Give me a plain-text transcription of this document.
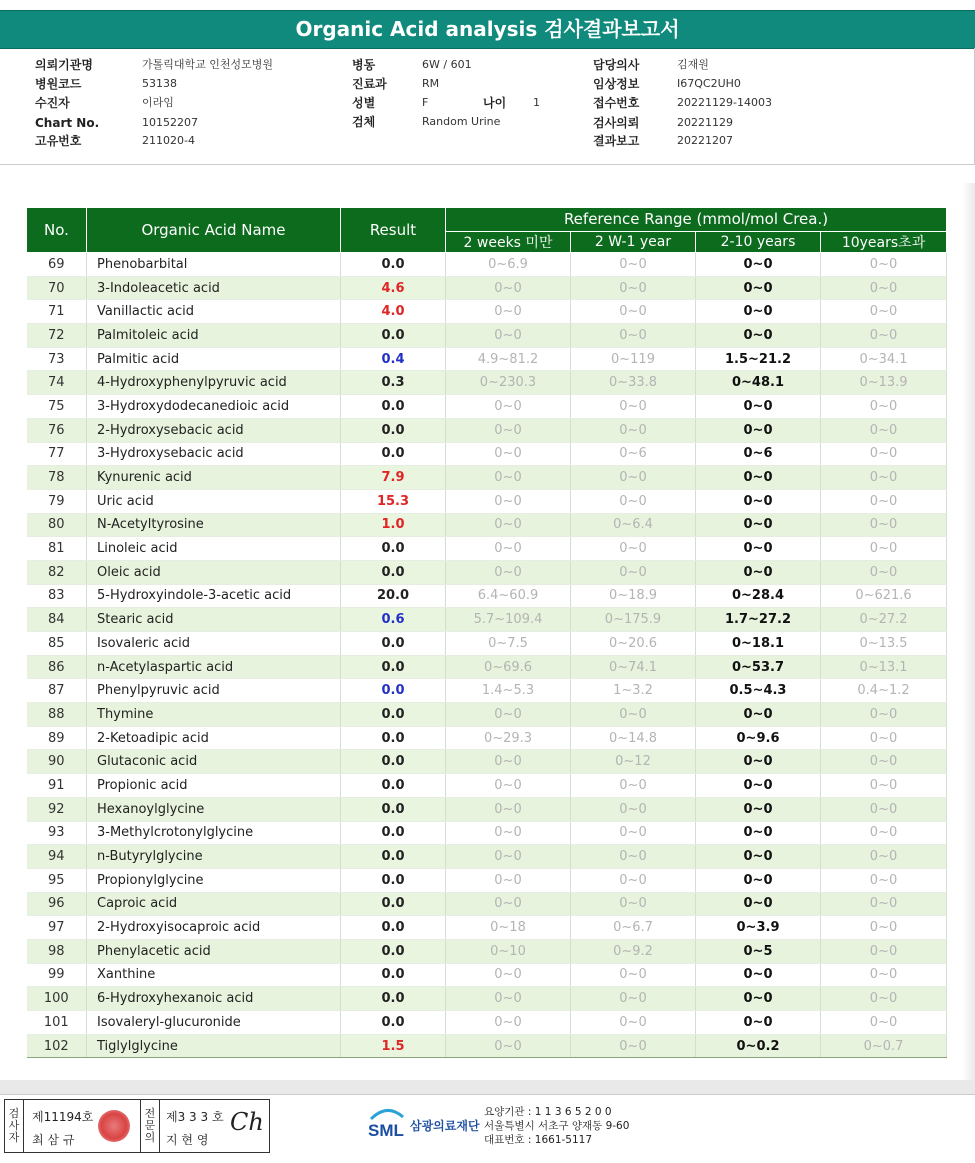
Organic Acid analysis 검사결과보고서
의뢰기관명	가톨릭대학교 인천성모병원
병원코드	53138
수진자	이라임
Chart No.	10152207
고유번호	211020-4
병동	6W / 601
진료과	RM
성별	F	나이 1
검체	Random Urine
담당의사	김재원
임상정보	I67QC2UH0
접수번호	20221129-14003
검사의뢰	20221129
결과보고	20221207
No.	Organic Acid Name	Result	Reference Range (mmol/mol Crea.)			
			2 weeks 미만	2 W-1 year	2-10 years	10years초과
69	Phenobarbital	0.0	0~6.9	0~0	0~0	0~0
70	3-Indoleacetic acid	4.6	0~0	0~0	0~0	0~0
71	Vanillactic acid	4.0	0~0	0~0	0~0	0~0
72	Palmitoleic acid	0.0	0~0	0~0	0~0	0~0
73	Palmitic acid	0.4	4.9~81.2	0~119	1.5~21.2	0~34.1
74	4-Hydroxyphenylpyruvic acid	0.3	0~230.3	0~33.8	0~48.1	0~13.9
75	3-Hydroxydodecanedioic acid	0.0	0~0	0~0	0~0	0~0
76	2-Hydroxysebacic acid	0.0	0~0	0~0	0~0	0~0
77	3-Hydroxysebacic acid	0.0	0~0	0~6	0~6	0~0
78	Kynurenic acid	7.9	0~0	0~0	0~0	0~0
79	Uric acid	15.3	0~0	0~0	0~0	0~0
80	N-Acetyltyrosine	1.0	0~0	0~6.4	0~0	0~0
81	Linoleic acid	0.0	0~0	0~0	0~0	0~0
82	Oleic acid	0.0	0~0	0~0	0~0	0~0
83	5-Hydroxyindole-3-acetic acid	20.0	6.4~60.9	0~18.9	0~28.4	0~621.6
84	Stearic acid	0.6	5.7~109.4	0~175.9	1.7~27.2	0~27.2
85	Isovaleric acid	0.0	0~7.5	0~20.6	0~18.1	0~13.5
86	n-Acetylaspartic acid	0.0	0~69.6	0~74.1	0~53.7	0~13.1
87	Phenylpyruvic acid	0.0	1.4~5.3	1~3.2	0.5~4.3	0.4~1.2
88	Thymine	0.0	0~0	0~0	0~0	0~0
89	2-Ketoadipic acid	0.0	0~29.3	0~14.8	0~9.6	0~0
90	Glutaconic acid	0.0	0~0	0~12	0~0	0~0
91	Propionic acid	0.0	0~0	0~0	0~0	0~0
92	Hexanoylglycine	0.0	0~0	0~0	0~0	0~0
93	3-Methylcrotonylglycine	0.0	0~0	0~0	0~0	0~0
94	n-Butyrylglycine	0.0	0~0	0~0	0~0	0~0
95	Propionylglycine	0.0	0~0	0~0	0~0	0~0
96	Caproic acid	0.0	0~0	0~0	0~0	0~0
97	2-Hydroxyisocaproic acid	0.0	0~18	0~6.7	0~3.9	0~0
98	Phenylacetic acid	0.0	0~10	0~9.2	0~5	0~0
99	Xanthine	0.0	0~0	0~0	0~0	0~0
100	6-Hydroxyhexanoic acid	0.0	0~0	0~0	0~0	0~0
101	Isovaleryl-glucuronide	0.0	0~0	0~0	0~0	0~0
102	Tiglylglycine	1.5	0~0	0~0	0~0.2	0~0.7
검사자
제11194호
최 삼 규
전문의
제3 3 3 호
지 현 영
Ch	SML 삼광의료재단
요양기관 : 1 1 3 6 5 2 0 0
서울특별시 서초구 양재동 9-60
대표번호 : 1661-5117
